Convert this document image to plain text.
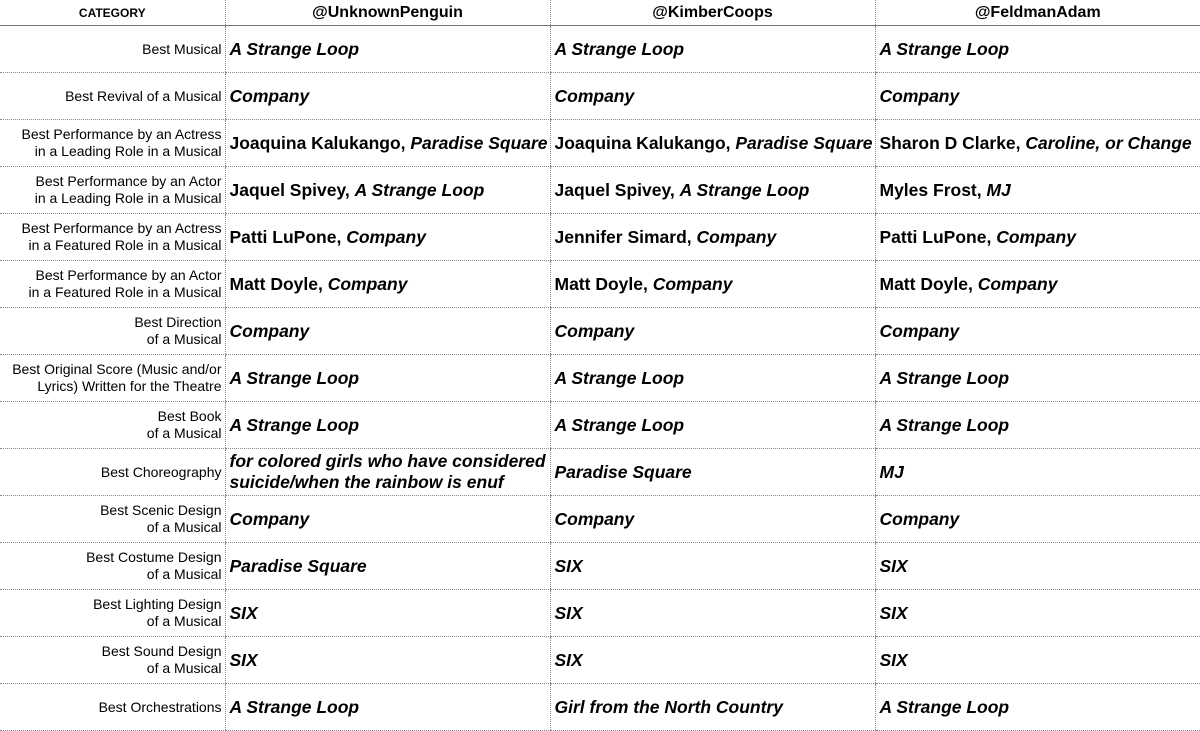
CATEGORY	@UnknownPenguin	@KimberCoops	@FeldmanAdam

Best Musical	A Strange Loop	A Strange Loop	A Strange Loop

Best Revival of a Musical	Company	Company	Company

Best Performance by an Actress
in a Leading Role in a Musical	Joaquina Kalukango, Paradise Square	Joaquina Kalukango, Paradise Square	Sharon D Clarke, Caroline, or Change

Best Performance by an Actor
in a Leading Role in a Musical	Jaquel Spivey, A Strange Loop	Jaquel Spivey, A Strange Loop	Myles Frost, MJ

Best Performance by an Actress
in a Featured Role in a Musical	Patti LuPone, Company	Jennifer Simard, Company	Patti LuPone, Company

Best Performance by an Actor
in a Featured Role in a Musical	Matt Doyle, Company	Matt Doyle, Company	Matt Doyle, Company

Best Direction
of a Musical	Company	Company	Company

Best Original Score (Music and/or
Lyrics) Written for the Theatre	A Strange Loop	A Strange Loop	A Strange Loop

Best Book
of a Musical	A Strange Loop	A Strange Loop	A Strange Loop

Best Choreography	for colored girls who have considered suicide/when the rainbow is enuf	Paradise Square	MJ

Best Scenic Design
of a Musical	Company	Company	Company

Best Costume Design
of a Musical	Paradise Square	SIX	SIX

Best Lighting Design
of a Musical	SIX	SIX	SIX

Best Sound Design
of a Musical	SIX	SIX	SIX

Best Orchestrations	A Strange Loop	Girl from the North Country	A Strange Loop
